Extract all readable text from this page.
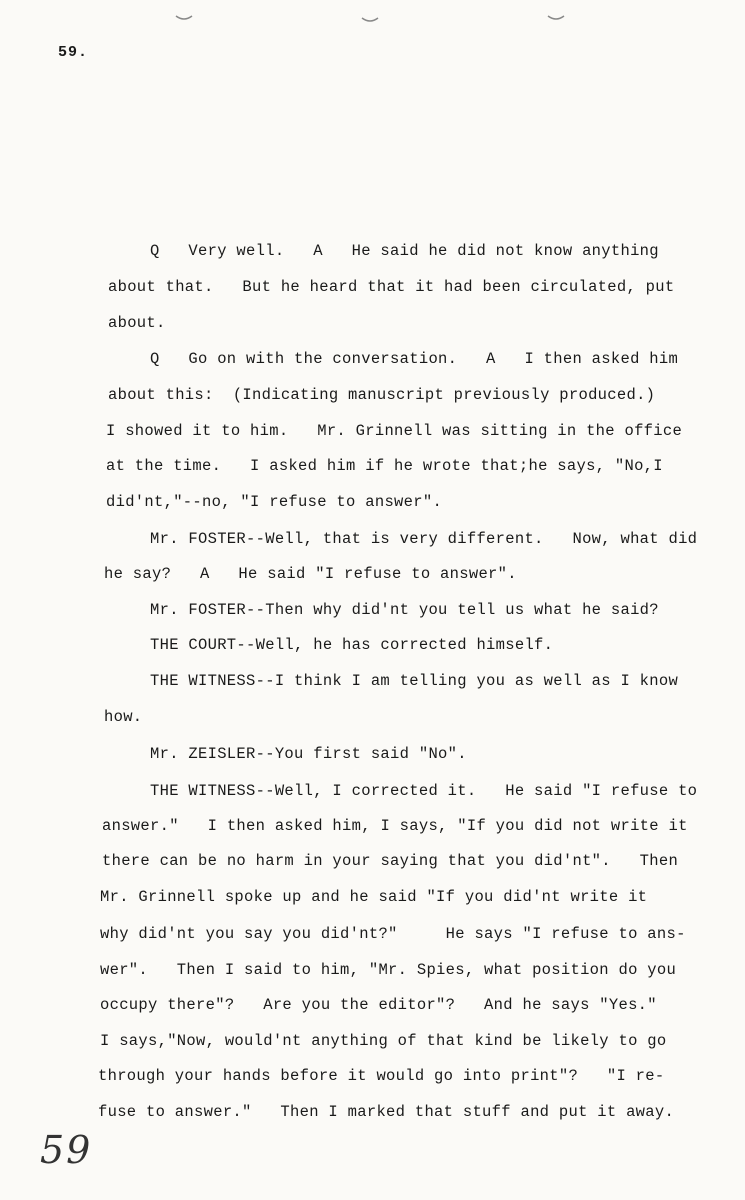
59.
Q   Very well.   A   He said he did not know anything
about that.   But he heard that it had been circulated, put
about.
Q   Go on with the conversation.   A   I then asked him
about this:  (Indicating manuscript previously produced.)
I showed it to him.   Mr. Grinnell was sitting in the office
at the time.   I asked him if he wrote that;he says, "No,I
did'nt,"--no, "I refuse to answer".
Mr. FOSTER--Well, that is very different.   Now, what did
he say?   A   He said "I refuse to answer".
Mr. FOSTER--Then why did'nt you tell us what he said?
THE COURT--Well, he has corrected himself.
THE WITNESS--I think I am telling you as well as I know
how.
Mr. ZEISLER--You first said "No".
THE WITNESS--Well, I corrected it.   He said "I refuse to
answer."   I then asked him, I says, "If you did not write it
there can be no harm in your saying that you did'nt".   Then
Mr. Grinnell spoke up and he said "If you did'nt write it
why did'nt you say you did'nt?"     He says "I refuse to ans-
wer".   Then I said to him, "Mr. Spies, what position do you
occupy there"?   Are you the editor"?   And he says "Yes."
I says,"Now, would'nt anything of that kind be likely to go
through your hands before it would go into print"?   "I re-
fuse to answer."   Then I marked that stuff and put it away.
59
